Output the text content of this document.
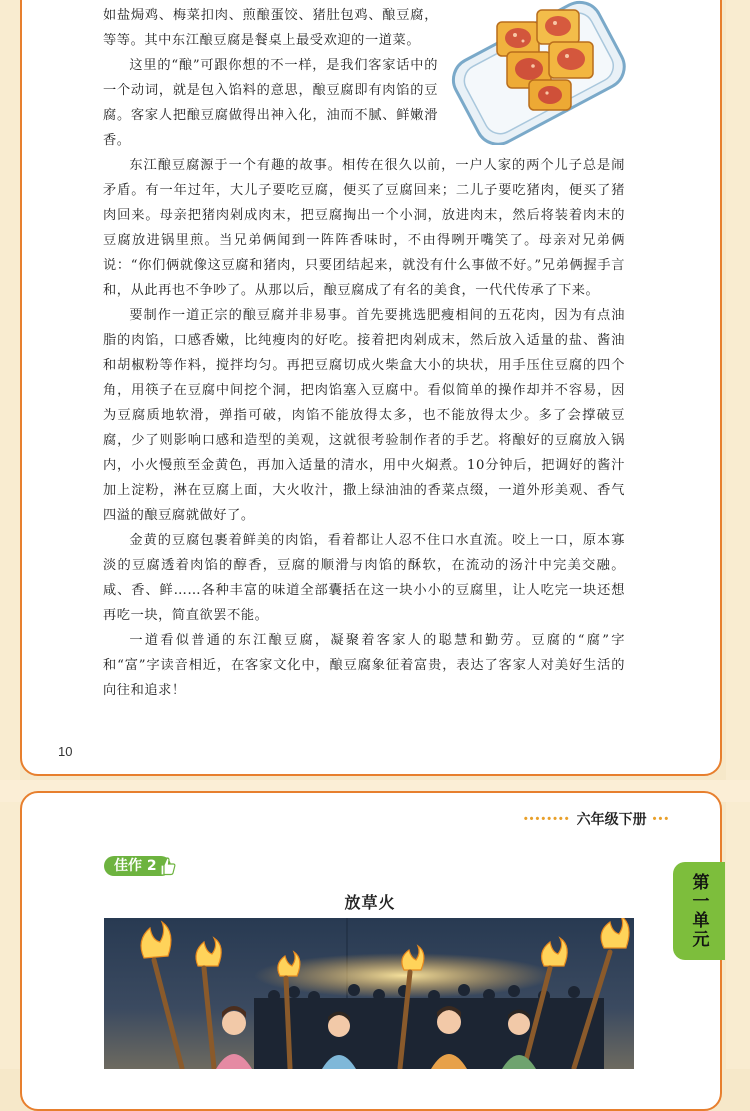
如盐焗鸡、梅菜扣肉、煎酿蛋饺、猪肚包鸡、酿豆腐，等等。其中东江酿豆腐是餐桌上最受欢迎的一道菜。

这里的“酿”可跟你想的不一样，是我们客家话中的一个动词，就是包入馅料的意思，酿豆腐即有肉馅的豆腐。客家人把酿豆腐做得出神入化，油而不腻、鲜嫩滑香。

东江酿豆腐源于一个有趣的故事。相传在很久以前，一户人家的两个儿子总是闹矛盾。有一年过年，大儿子要吃豆腐，便买了豆腐回来；二儿子要吃猪肉，便买了猪肉回来。母亲把猪肉剁成肉末，把豆腐掏出一个小洞，放进肉末，然后将装着肉末的豆腐放进锅里煎。当兄弟俩闻到一阵阵香味时，不由得咧开嘴笑了。母亲对兄弟俩说：“你们俩就像这豆腐和猪肉，只要团结起来，就没有什么事做不好。”兄弟俩握手言和，从此再也不争吵了。从那以后，酿豆腐成了有名的美食，一代代传承了下来。

要制作一道正宗的酿豆腐并非易事。首先要挑选肥瘦相间的五花肉，因为有点油脂的肉馅，口感香嫩，比纯瘦肉的好吃。接着把肉剁成末，然后放入适量的盐、酱油和胡椒粉等作料，搅拌均匀。再把豆腐切成火柴盒大小的块状，用手压住豆腐的四个角，用筷子在豆腐中间挖个洞，把肉馅塞入豆腐中。看似简单的操作却并不容易，因为豆腐质地软滑，弹指可破，肉馅不能放得太多，也不能放得太少。多了会撑破豆腐，少了则影响口感和造型的美观，这就很考验制作者的手艺。将酿好的豆腐放入锅内，小火慢煎至金黄色，再加入适量的清水，用中火焖煮。10分钟后，把调好的酱汁加上淀粉，淋在豆腐上面，大火收汁，撒上绿油油的香菜点缀，一道外形美观、香气四溢的酿豆腐就做好了。

金黄的豆腐包裹着鲜美的肉馅，看着都让人忍不住口水直流。咬上一口，原本寡淡的豆腐透着肉馅的醇香，豆腐的顺滑与肉馅的酥软，在流动的汤汁中完美交融。咸、香、鲜……各种丰富的味道全部囊括在这一块小小的豆腐里，让人吃完一块还想再吃一块，简直欲罢不能。

一道看似普通的东江酿豆腐，凝聚着客家人的聪慧和勤劳。豆腐的“腐”字和“富”字读音相近，在客家文化中，酿豆腐象征着富贵，表达了客家人对美好生活的向往和追求！

10
•••••••• 六年级下册 •••
第一单元
佳作 2
放草火
